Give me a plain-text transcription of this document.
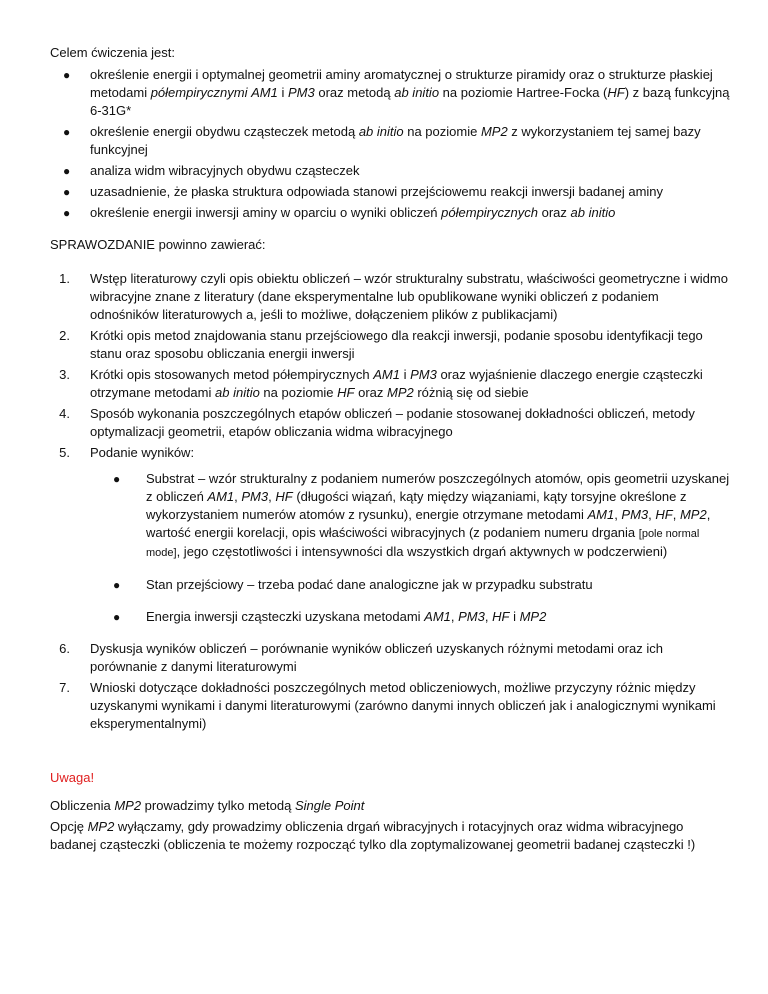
Celem ćwiczenia jest:

● określenie energii i optymalnej geometrii aminy aromatycznej o strukturze piramidy oraz o strukturze płaskiej metodami półempirycznymi AM1 i PM3 oraz metodą ab initio na poziomie Hartree-Focka (HF) z bazą funkcyjną 6-31G*
● określenie energii obydwu cząsteczek metodą ab initio na poziomie MP2 z wykorzystaniem tej samej bazy funkcyjnej
● analiza widm wibracyjnych obydwu cząsteczek
● uzasadnienie, że płaska struktura odpowiada stanowi przejściowemu reakcji inwersji badanej aminy
● określenie energii inwersji aminy w oparciu o wyniki obliczeń półempirycznych oraz ab initio

SPRAWOZDANIE powinno zawierać:

1. Wstęp literaturowy czyli opis obiektu obliczeń – wzór strukturalny substratu, właściwości geometryczne i widmo wibracyjne znane z literatury (dane eksperymentalne lub opublikowane wyniki obliczeń z podaniem odnośników literaturowych a, jeśli to możliwe, dołączeniem plików z publikacjami)
2. Krótki opis metod znajdowania stanu przejściowego dla reakcji inwersji, podanie sposobu identyfikacji tego stanu oraz sposobu obliczania energii inwersji
3. Krótki opis stosowanych metod półempirycznych AM1 i PM3 oraz wyjaśnienie dlaczego energie cząsteczki otrzymane metodami ab initio na poziomie HF oraz MP2 różnią się od siebie
4. Sposób wykonania poszczególnych etapów obliczeń – podanie stosowanej dokładności obliczeń, metody optymalizacji geometrii, etapów obliczania widma wibracyjnego
5. Podanie wyników:
● Substrat – wzór strukturalny z podaniem numerów poszczególnych atomów, opis geometrii uzyskanej z obliczeń AM1, PM3, HF (długości wiązań, kąty między wiązaniami, kąty torsyjne określone z wykorzystaniem numerów atomów z rysunku), energie otrzymane metodami AM1, PM3, HF, MP2, wartość energii korelacji, opis właściwości wibracyjnych (z podaniem numeru drgania [pole normal mode], jego częstotliwości i intensywności dla wszystkich drgań aktywnych w podczerwieni)
● Stan przejściowy – trzeba podać dane analogiczne jak w przypadku substratu
● Energia inwersji cząsteczki uzyskana metodami AM1, PM3, HF i MP2
6. Dyskusja wyników obliczeń – porównanie wyników obliczeń uzyskanych różnymi metodami oraz ich porównanie z danymi literaturowymi
7. Wnioski dotyczące dokładności poszczególnych metod obliczeniowych, możliwe przyczyny różnic między uzyskanymi wynikami i danymi literaturowymi (zarówno danymi innych obliczeń jak i analogicznymi wynikami eksperymentalnymi)

Uwaga!

Obliczenia MP2 prowadzimy tylko metodą Single Point

Opcję MP2 wyłączamy, gdy prowadzimy obliczenia drgań wibracyjnych i rotacyjnych oraz widma wibracyjnego badanej cząsteczki (obliczenia te możemy rozpocząć tylko dla zoptymalizowanej geometrii badanej cząsteczki !)
